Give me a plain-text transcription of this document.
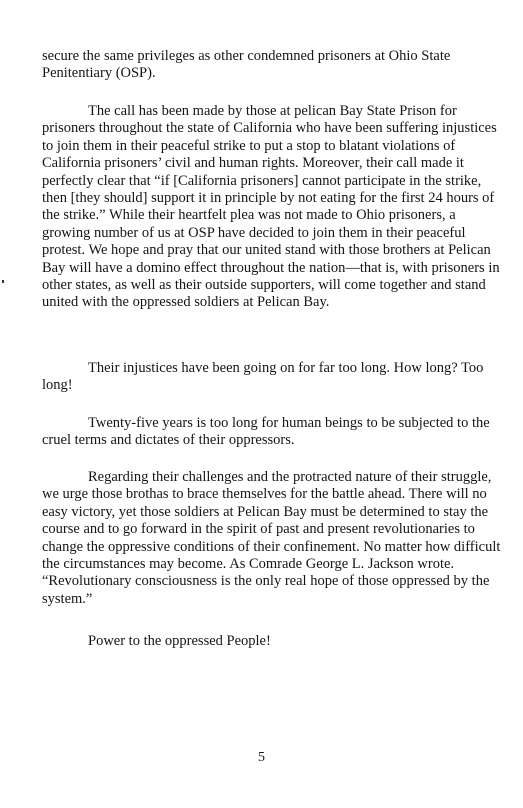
secure the same privileges as other condemned prisoners at Ohio State Penitentiary (OSP).

The call has been made by those at pelican Bay State Prison for prisoners throughout the state of California who have been suffering injustices to join them in their peaceful strike to put a stop to blatant violations of California prisoners’ civil and human rights. Moreover, their call made it perfectly clear that “if [California prisoners] cannot participate in the strike, then [they should] support it in principle by not eating for the first 24 hours of the strike.” While their heartfelt plea was not made to Ohio prisoners, a growing number of us at OSP have decided to join them in their peaceful protest. We hope and pray that our united stand with those brothers at Pelican Bay will have a domino effect throughout the nation—that is, with prisoners in other states, as well as their outside supporters, will come together and stand united with the oppressed soldiers at Pelican Bay.

Their injustices have been going on for far too long. How long? Too long!

Twenty-five years is too long for human beings to be subjected to the cruel terms and dictates of their oppressors.

Regarding their challenges and the protracted nature of their struggle, we urge those brothas to brace themselves for the battle ahead. There will no easy victory, yet those soldiers at Pelican Bay must be determined to stay the course and to go forward in the spirit of past and present revolutionaries to change the oppressive conditions of their confinement. No matter how difficult the circumstances may become. As Comrade George L. Jackson wrote. “Revolutionary consciousness is the only real hope of those oppressed by the system.”

Power to the oppressed People!

5
